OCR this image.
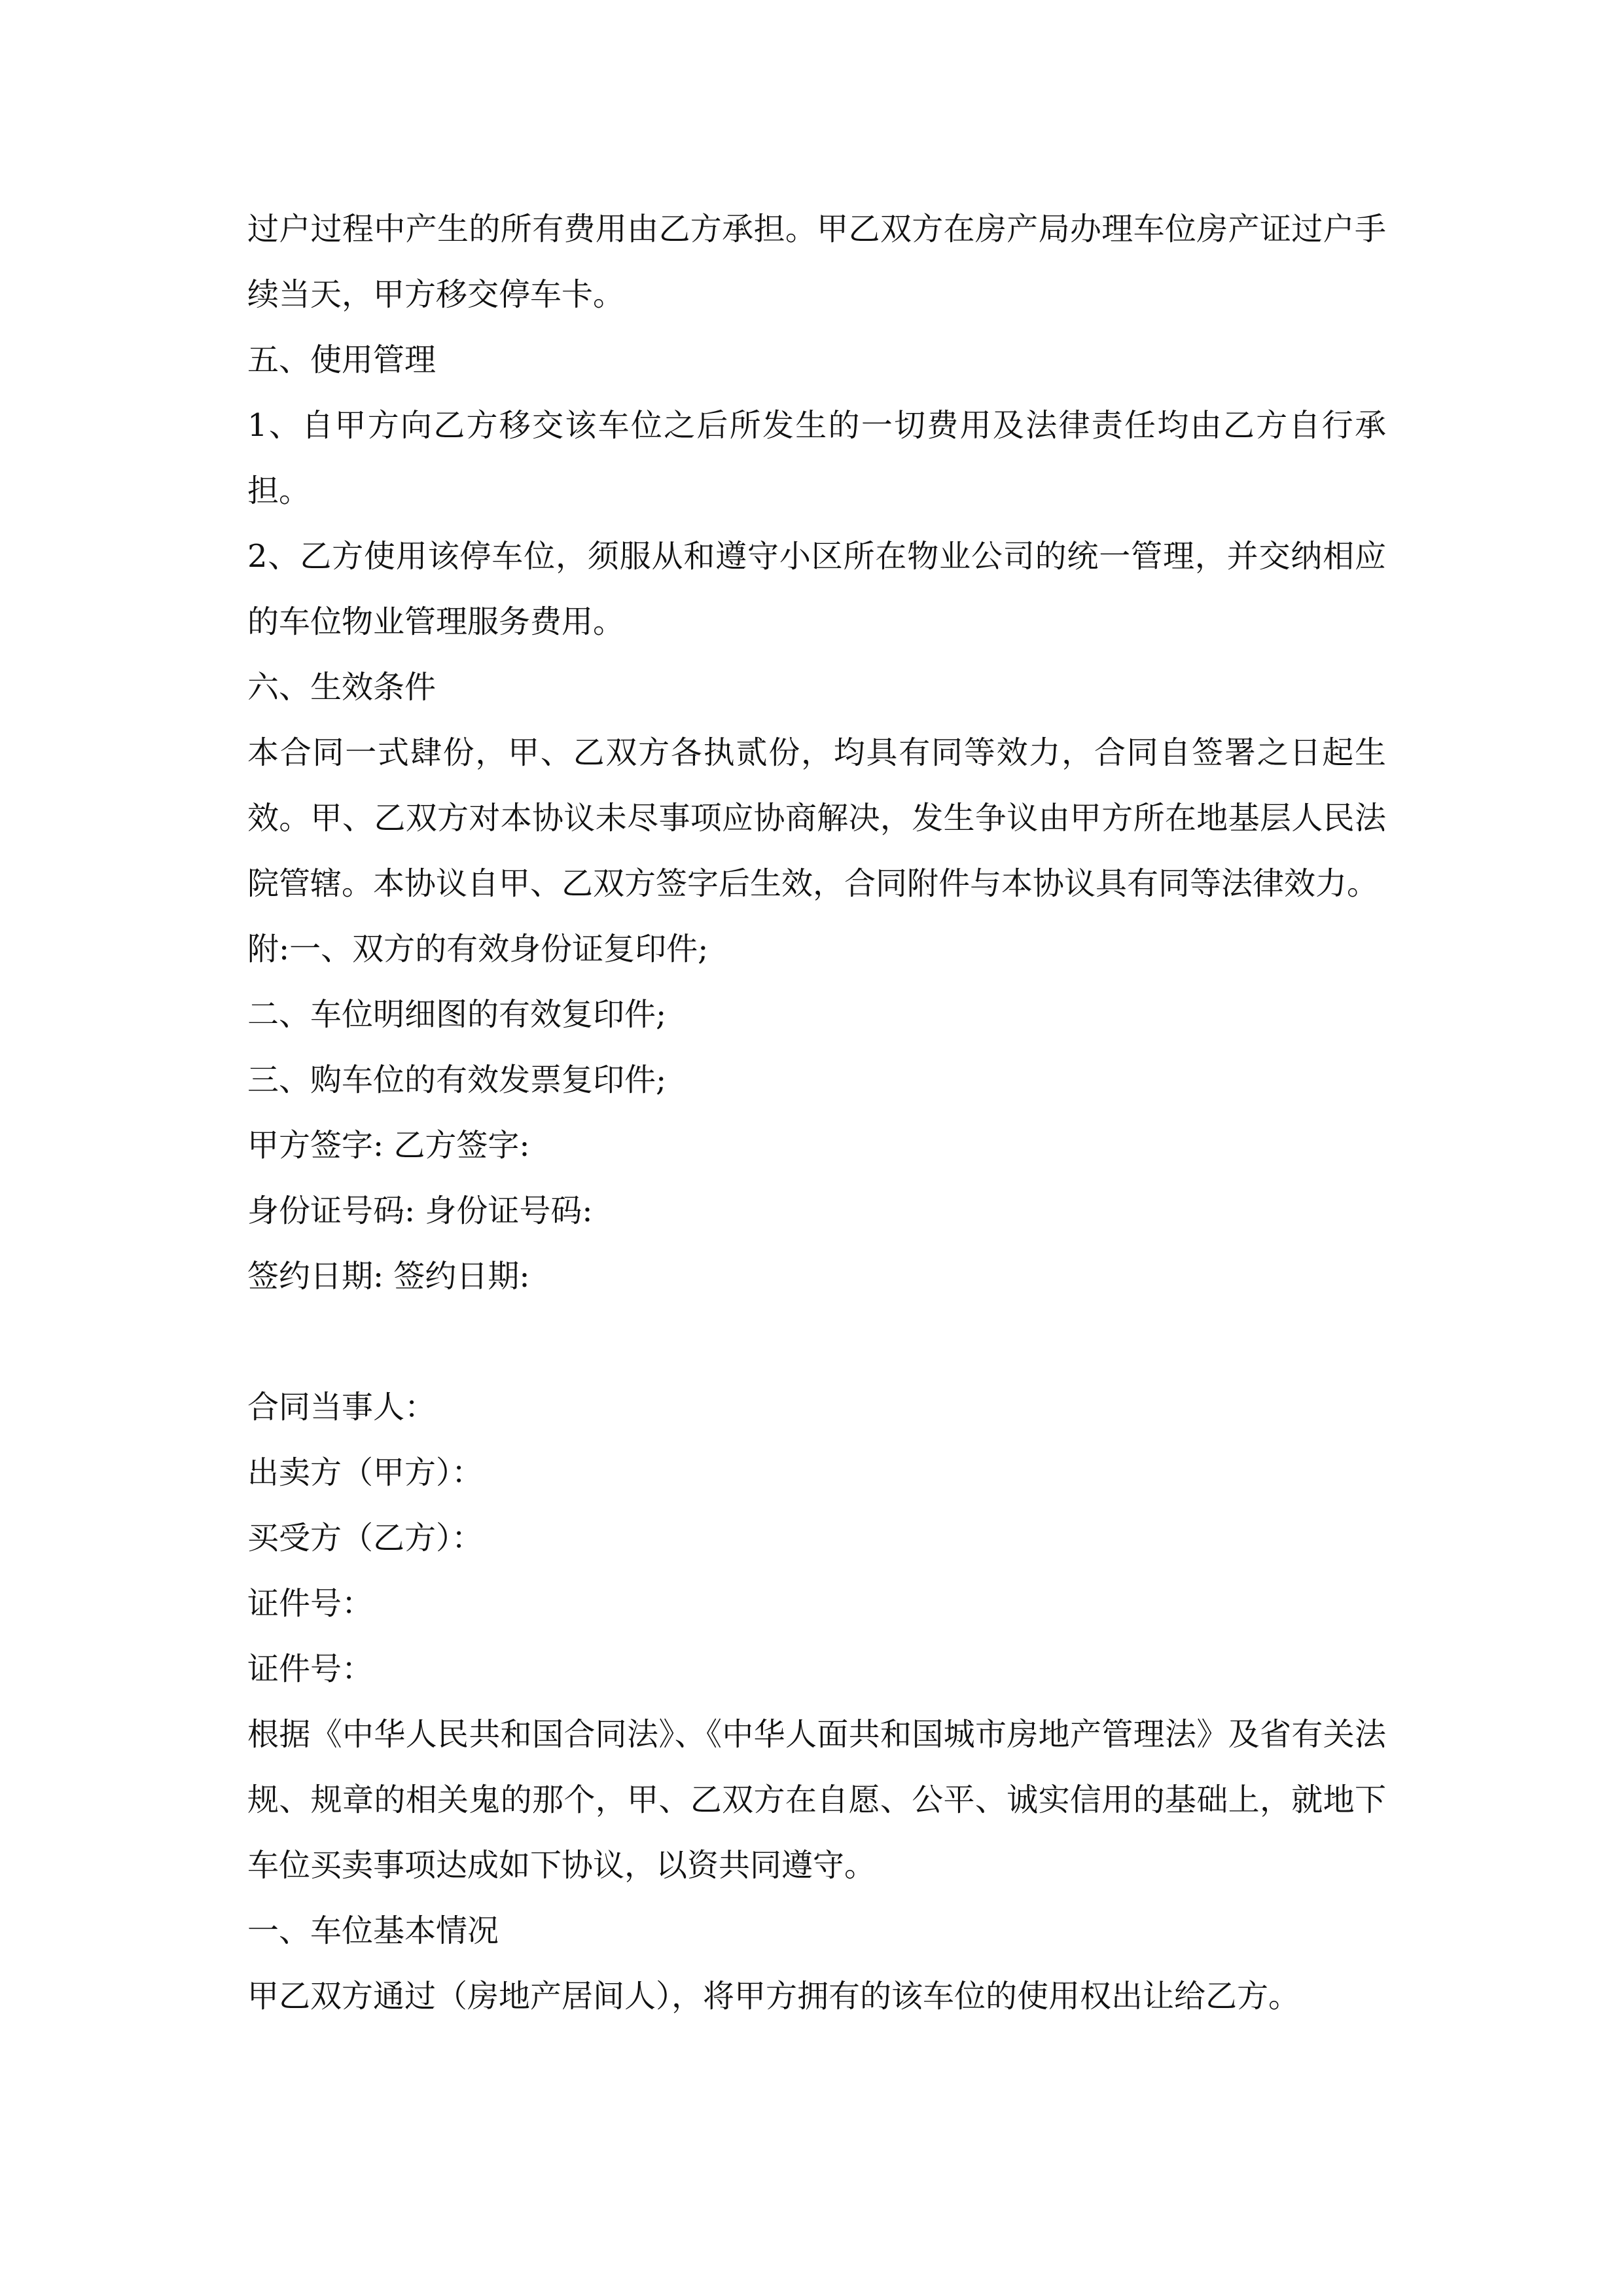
过户过程中产生的所有费用由乙方承担。甲乙双方在房产局办理车位房产证过户手续当天，甲方移交停车卡。

五、使用管理

1、自甲方向乙方移交该车位之后所发生的一切费用及法律责任均由乙方自行承担。

2、乙方使用该停车位，须服从和遵守小区所在物业公司的统一管理，并交纳相应的车位物业管理服务费用。

六、生效条件

本合同一式肆份，甲、乙双方各执贰份，均具有同等效力，合同自签署之日起生效。甲、乙双方对本协议未尽事项应协商解决，发生争议由甲方所在地基层人民法院管辖。本协议自甲、乙双方签字后生效，合同附件与本协议具有同等法律效力。

附:一、双方的有效身份证复印件;

二、车位明细图的有效复印件;

三、购车位的有效发票复印件;

甲方签字: 乙方签字:

身份证号码: 身份证号码:

签约日期: 签约日期:

合同当事人：

出卖方（甲方）：

买受方（乙方）：

证件号：

证件号：

根据《中华人民共和国合同法》、《中华人面共和国城市房地产管理法》及省有关法规、规章的相关鬼的那个，甲、乙双方在自愿、公平、诚实信用的基础上，就地下车位买卖事项达成如下协议，以资共同遵守。

一、车位基本情况

甲乙双方通过（房地产居间人），将甲方拥有的该车位的使用权出让给乙方。
